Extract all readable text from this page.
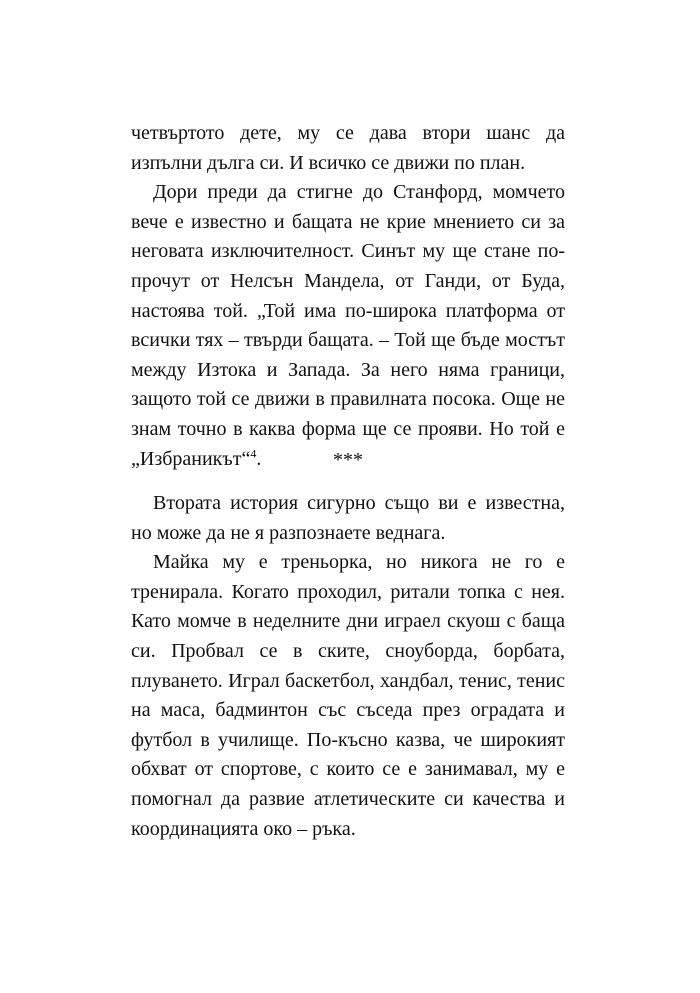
четвъртото дете, му се дава втори шанс да изпълни дълга си. И всичко се движи по план.

Дори преди да стигне до Станфорд, момчето вече е известно и бащата не крие мнението си за неговата изключителност. Синът му ще стане по-прочут от Нелсън Мандела, от Ганди, от Буда, настоява той. „Той има по-широка платформа от всички тях – твърди бащата. – Той ще бъде мостът между Изтока и Запада. За него няма граници, защото той се движи в правилната посока. Още не знам точно в каква форма ще се прояви. Но той е „Избраникът“$^4$.	***

Втората история сигурно също ви е известна, но може да не я разпознаете веднага.

Майка му е треньорка, но никога не го е тренирала. Когато проходил, ритали топка с нея. Като момче в неделните дни играел скуош с баща си. Пробвал се в ските, сноуборда, борбата, плуването. Играл баскетбол, хандбал, тенис, тенис на маса, бадминтон със съседа през оградата и футбол в училище. По-късно казва, че широкият обхват от спортове, с които се е занимавал, му е помогнал да развие атлетическите си качества и координацията око – ръка.
